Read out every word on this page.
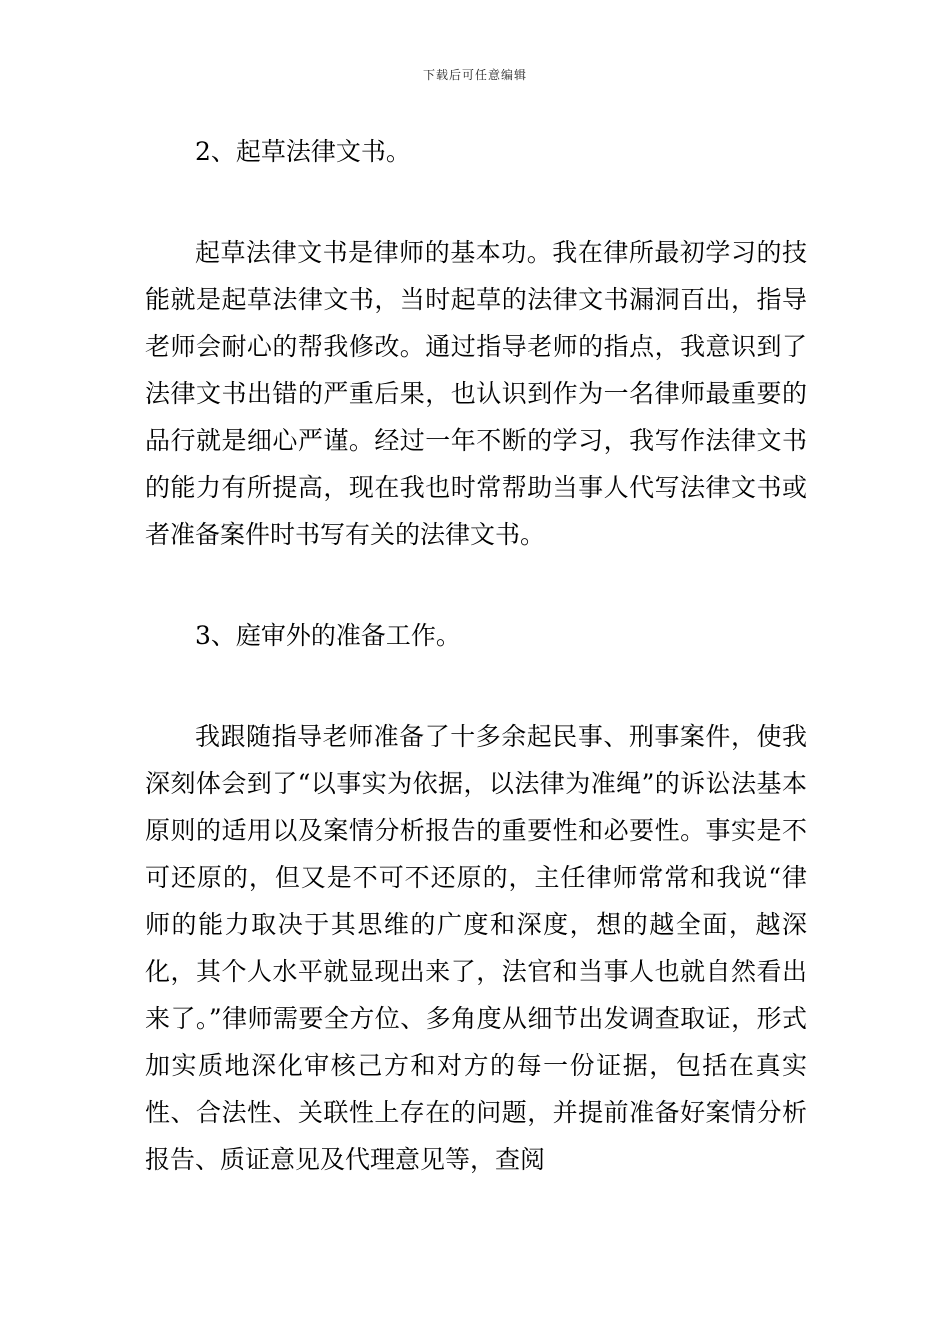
下载后可任意编辑

2、起草法律文书。

起草法律文书是律师的基本功。我在律所最初学习的技能就是起草法律文书，当时起草的法律文书漏洞百出，指导老师会耐心的帮我修改。通过指导老师的指点，我意识到了法律文书出错的严重后果，也认识到作为一名律师最重要的品行就是细心严谨。经过一年不断的学习，我写作法律文书的能力有所提高，现在我也时常帮助当事人代写法律文书或者准备案件时书写有关的法律文书。

3、庭审外的准备工作。

我跟随指导老师准备了十多余起民事、刑事案件，使我深刻体会到了“以事实为依据，以法律为准绳”的诉讼法基本原则的适用以及案情分析报告的重要性和必要性。事实是不可还原的，但又是不可不还原的，主任律师常常和我说“律师的能力取决于其思维的广度和深度，想的越全面，越深化，其个人水平就显现出来了，法官和当事人也就自然看出来了。”律师需要全方位、多角度从细节出发调查取证，形式加实质地深化审核己方和对方的每一份证据，包括在真实性、合法性、关联性上存在的问题，并提前准备好案情分析报告、质证意见及代理意见等，查阅
